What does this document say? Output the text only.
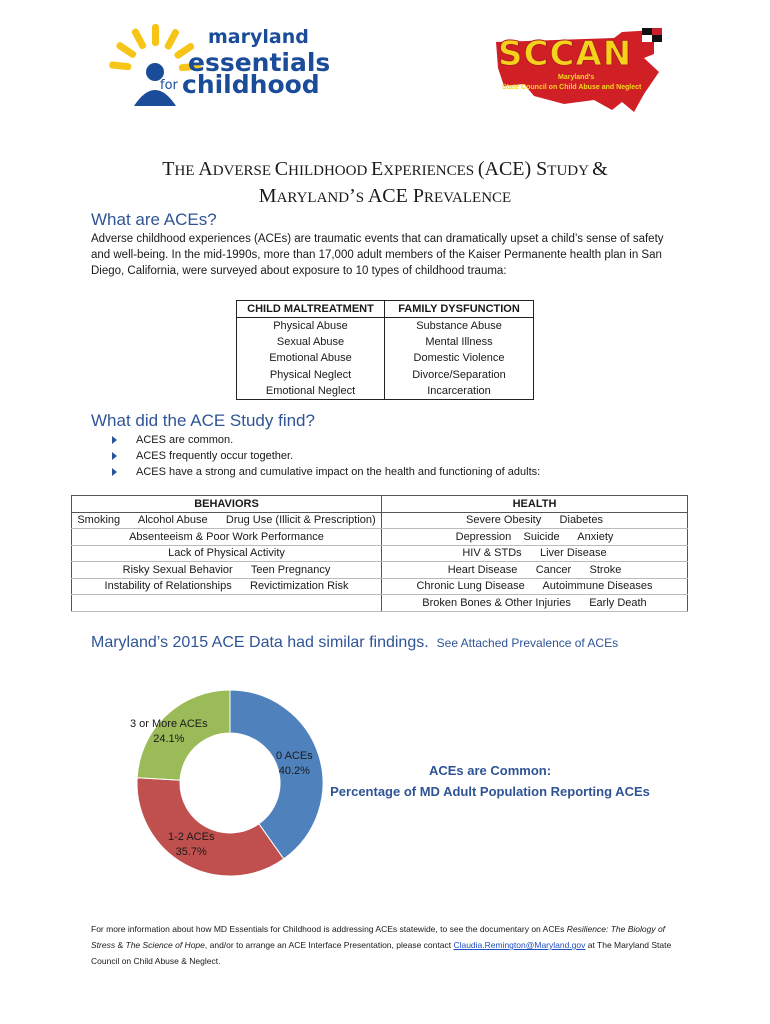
maryland
essentials
for childhood
SCCAN
Maryland's
State Council on Child Abuse and Neglect
THE ADVERSE CHILDHOOD EXPERIENCES (ACE) STUDY &
MARYLAND’S ACE PREVALENCE
What are ACEs?

Adverse childhood experiences (ACEs) are traumatic events that can dramatically upset a child’s sense of safety and well-being. In the mid-1990s, more than 17,000 adult members of the Kaiser Permanente health plan in San Diego, California, were surveyed about exposure to 10 types of childhood trauma:

CHILD MALTREATMENT	FAMILY DYSFUNCTION
Physical Abuse	Substance Abuse
Sexual Abuse	Mental Illness
Emotional Abuse	Domestic Violence
Physical Neglect	Divorce/Separation
Emotional Neglect	Incarceration
What did the ACE Study find?
ACES are common.
ACES frequently occur together.
ACES have a strong and cumulative impact on the health and functioning of adults:
BEHAVIORS	HEALTH
Smoking      Alcohol Abuse      Drug Use (Illicit & Prescription)	Severe Obesity      Diabetes
Absenteeism & Poor Work Performance	Depression    Suicide      Anxiety
Lack of Physical Activity	HIV & STDs      Liver Disease
Risky Sexual Behavior      Teen Pregnancy	Heart Disease      Cancer      Stroke
Instability of Relationships      Revictimization Risk	Chronic Lung Disease      Autoimmune Diseases
	Broken Bones & Other Injuries      Early Death
Maryland’s 2015 ACE Data had similar findings. See Attached Prevalence of ACEs
3 or More ACEs
24.1%
0 ACEs
40.2%
1-2 ACEs
35.7%
ACEs are Common:
Percentage of MD Adult Population Reporting ACEs

For more information about how MD Essentials for Childhood is addressing ACEs statewide, to see the documentary on ACEs Resilience: The Biology of Stress & The Science of Hope, and/or to arrange an ACE Interface Presentation, please contact Claudia.Remington@Maryland.gov at The Maryland State Council on Child Abuse & Neglect.
